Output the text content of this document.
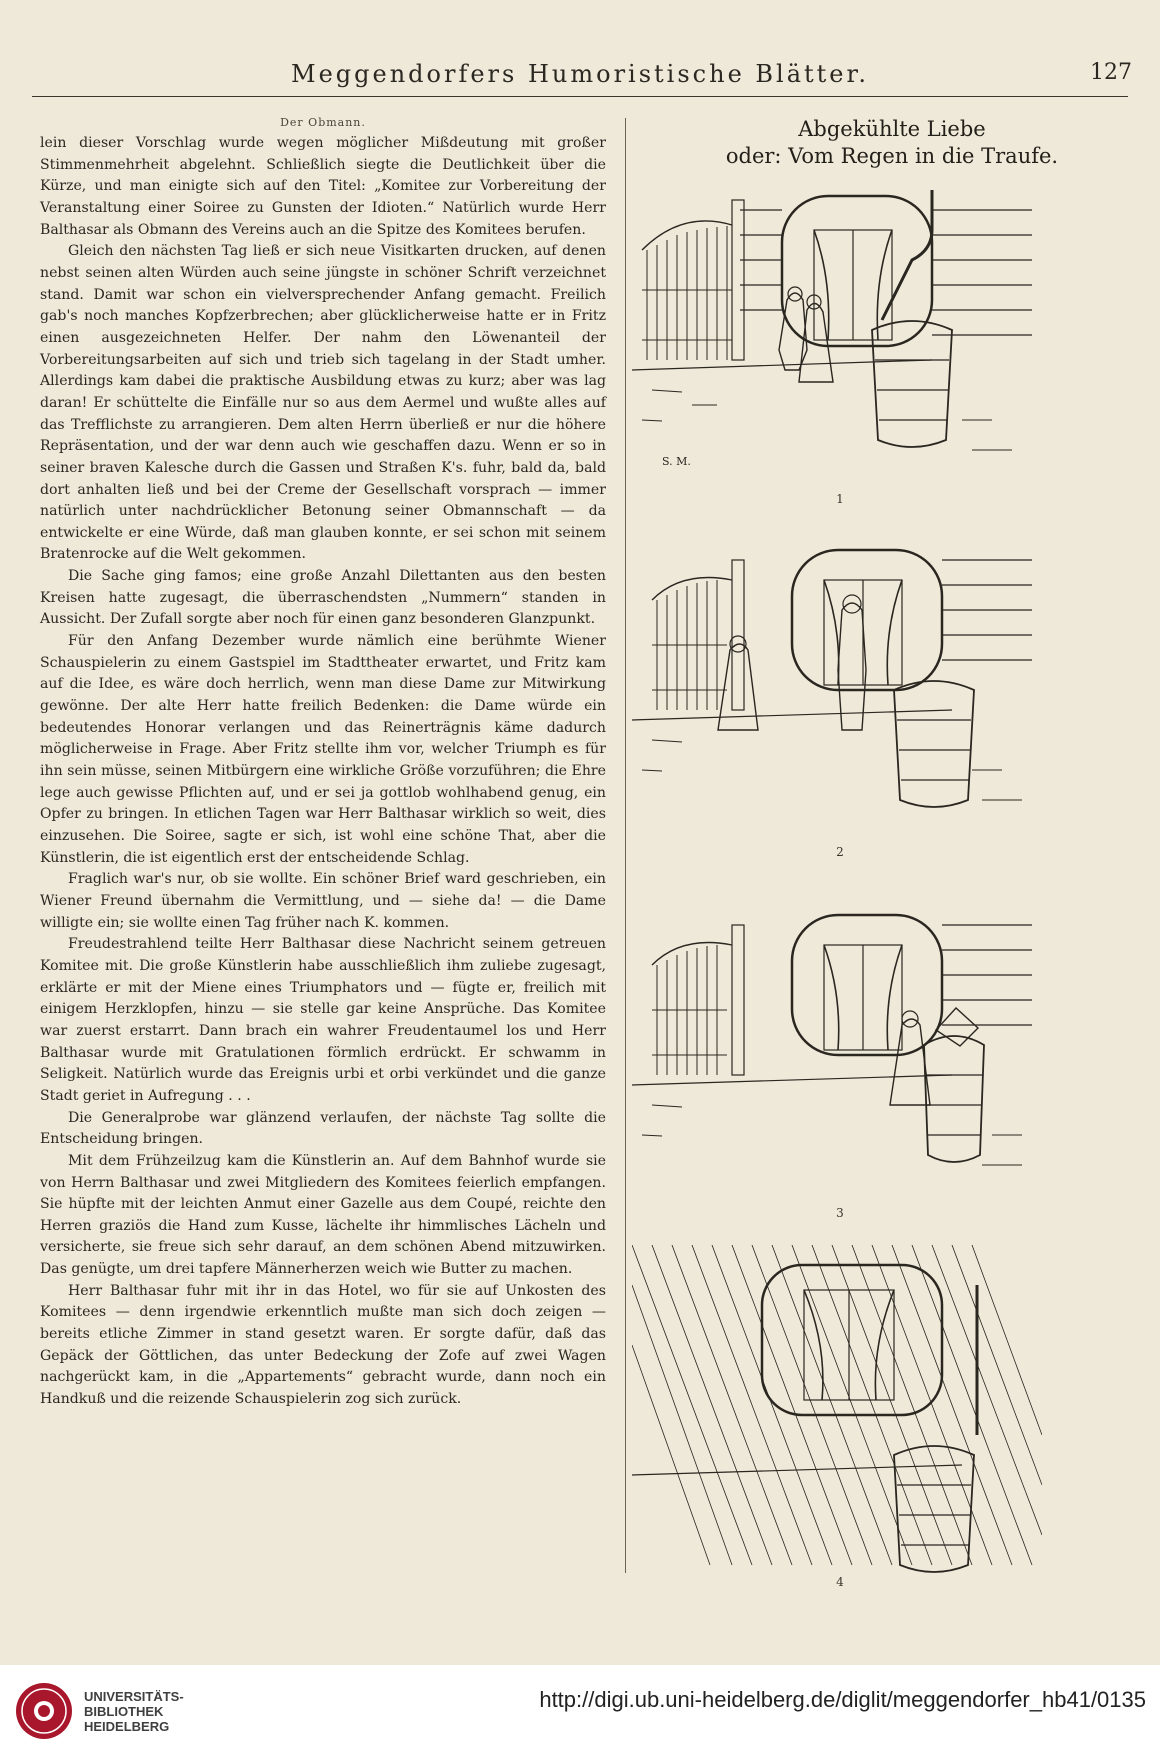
Meggendorfers Humoristische Blätter.	127
Der Obmann.

lein dieser Vorschlag wurde wegen möglicher Mißdeutung mit großer Stimmenmehrheit abgelehnt. Schließlich siegte die Deutlichkeit über die Kürze, und man einigte sich auf den Titel: „Komitee zur Vorbereitung der Veranstaltung einer Soiree zu Gunsten der Idioten.“ Natürlich wurde Herr Balthasar als Obmann des Vereins auch an die Spitze des Komitees berufen.

Gleich den nächsten Tag ließ er sich neue Visitkarten drucken, auf denen nebst seinen alten Würden auch seine jüngste in schöner Schrift verzeichnet stand. Damit war schon ein vielversprechender Anfang gemacht. Freilich gab's noch manches Kopfzerbrechen; aber glücklicherweise hatte er in Fritz einen ausgezeichneten Helfer. Der nahm den Löwenanteil der Vorbereitungsarbeiten auf sich und trieb sich tagelang in der Stadt umher. Allerdings kam dabei die praktische Ausbildung etwas zu kurz; aber was lag daran! Er schüttelte die Einfälle nur so aus dem Aermel und wußte alles auf das Trefflichste zu arrangieren. Dem alten Herrn überließ er nur die höhere Repräsentation, und der war denn auch wie geschaffen dazu. Wenn er so in seiner braven Kalesche durch die Gassen und Straßen K's. fuhr, bald da, bald dort anhalten ließ und bei der Creme der Gesellschaft vorsprach — immer natürlich unter nachdrücklicher Betonung seiner Obmannschaft — da entwickelte er eine Würde, daß man glauben konnte, er sei schon mit seinem Bratenrocke auf die Welt gekommen.

Die Sache ging famos; eine große Anzahl Dilettanten aus den besten Kreisen hatte zugesagt, die überraschendsten „Nummern“ standen in Aussicht. Der Zufall sorgte aber noch für einen ganz besonderen Glanzpunkt.

Für den Anfang Dezember wurde nämlich eine berühmte Wiener Schauspielerin zu einem Gastspiel im Stadttheater erwartet, und Fritz kam auf die Idee, es wäre doch herrlich, wenn man diese Dame zur Mitwirkung gewönne. Der alte Herr hatte freilich Bedenken: die Dame würde ein bedeutendes Honorar verlangen und das Reinerträgnis käme dadurch möglicherweise in Frage. Aber Fritz stellte ihm vor, welcher Triumph es für ihn sein müsse, seinen Mitbürgern eine wirkliche Größe vorzuführen; die Ehre lege auch gewisse Pflichten auf, und er sei ja gottlob wohlhabend genug, ein Opfer zu bringen. In etlichen Tagen war Herr Balthasar wirklich so weit, dies einzusehen. Die Soiree, sagte er sich, ist wohl eine schöne That, aber die Künstlerin, die ist eigentlich erst der entscheidende Schlag.

Fraglich war's nur, ob sie wollte. Ein schöner Brief ward geschrieben, ein Wiener Freund übernahm die Vermittlung, und — siehe da! — die Dame willigte ein; sie wollte einen Tag früher nach K. kommen.

Freudestrahlend teilte Herr Balthasar diese Nachricht seinem getreuen Komitee mit. Die große Künstlerin habe ausschließlich ihm zuliebe zugesagt, erklärte er mit der Miene eines Triumphators und — fügte er, freilich mit einigem Herzklopfen, hinzu — sie stelle gar keine Ansprüche. Das Komitee war zuerst erstarrt. Dann brach ein wahrer Freudentaumel los und Herr Balthasar wurde mit Gratulationen förmlich erdrückt. Er schwamm in Seligkeit. Natürlich wurde das Ereignis urbi et orbi verkündet und die ganze Stadt geriet in Aufregung . . .

Die Generalprobe war glänzend verlaufen, der nächste Tag sollte die Entscheidung bringen.

Mit dem Frühzeilzug kam die Künstlerin an. Auf dem Bahnhof wurde sie von Herrn Balthasar und zwei Mitgliedern des Komitees feierlich empfangen. Sie hüpfte mit der leichten Anmut einer Gazelle aus dem Coupé, reichte den Herren graziös die Hand zum Kusse, lächelte ihr himmlisches Lächeln und versicherte, sie freue sich sehr darauf, an dem schönen Abend mitzuwirken. Das genügte, um drei tapfere Männerherzen weich wie Butter zu machen.

Herr Balthasar fuhr mit ihr in das Hotel, wo für sie auf Unkosten des Komitees — denn irgendwie erkenntlich mußte man sich doch zeigen — bereits etliche Zimmer in stand gesetzt waren. Er sorgte dafür, daß das Gepäck der Göttlichen, das unter Bedeckung der Zofe auf zwei Wagen nachgerückt kam, in die „Appartements“ gebracht wurde, dann noch ein Handkuß und die reizende Schauspielerin zog sich zurück.

Abgekühlte Liebe
oder: Vom Regen in die Traufe.
S. M.
1
2
3
4
UNIVERSITÄTS-
BIBLIOTHEK
HEIDELBERG
http://digi.ub.uni-heidelberg.de/diglit/meggendorfer_hb41/0135
